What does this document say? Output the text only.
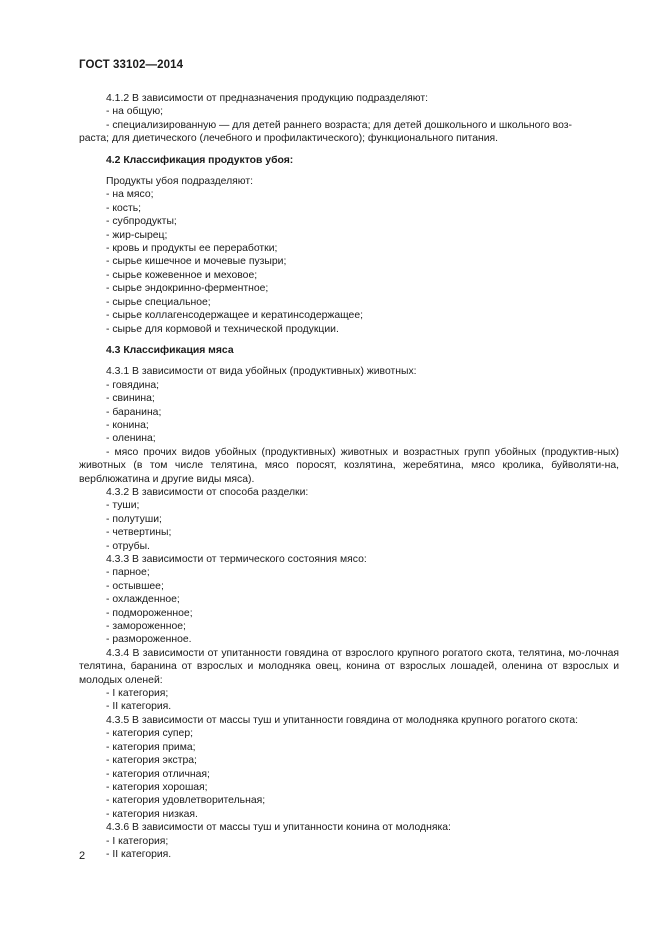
ГОСТ 33102—2014

4.1.2 В зависимости от предназначения продукцию подразделяют:

- на общую;

- специализированную — для детей раннего возраста; для детей дошкольного и школьного воз-

раста; для диетического (лечебного и профилактического); функционального питания.

4.2 Классификация продуктов убоя:

Продукты убоя подразделяют:

- на мясо;

- кость;

- субпродукты;

- жир-сырец;

- кровь и продукты ее переработки;

- сырье кишечное и мочевые пузыри;

- сырье кожевенное и меховое;

- сырье эндокринно-ферментное;

- сырье специальное;

- сырье коллагенсодержащее и кератинсодержащее;

- сырье для кормовой и технической продукции.

4.3 Классификация мяса

4.3.1 В зависимости от вида убойных (продуктивных) животных:

- говядина;

- свинина;

- баранина;

- конина;

- оленина;

- мясо прочих видов убойных (продуктивных) животных и возрастных групп убойных (продуктив-ных) животных (в том числе телятина, мясо поросят, козлятина, жеребятина, мясо кролика, буйволяти-на, верблюжатина и другие виды мяса).

4.3.2 В зависимости от способа разделки:

- туши;

- полутуши;

- четвертины;

- отрубы.

4.3.3 В зависимости от термического состояния мясо:

- парное;

- остывшее;

- охлажденное;

- подмороженное;

- замороженное;

- размороженное.

4.3.4 В зависимости от упитанности говядина от взрослого крупного рогатого скота, телятина, мо-лочная телятина, баранина от взрослых и молодняка овец, конина от взрослых лошадей, оленина от взрослых и молодых оленей:

- I категория;

- II категория.

4.3.5 В зависимости от массы туш и упитанности говядина от молодняка крупного рогатого скота:

- категория супер;

- категория прима;

- категория экстра;

- категория отличная;

- категория хорошая;

- категория удовлетворительная;

- категория низкая.

4.3.6 В зависимости от массы туш и упитанности конина от молодняка:

- I категория;

- II категория.

2
